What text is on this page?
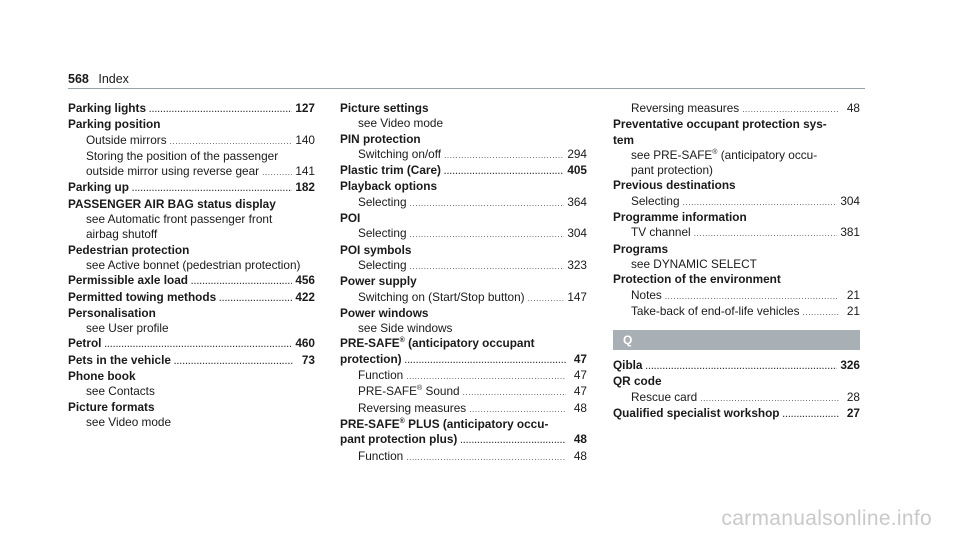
568 Index
Parking lights . . .	127
Parking position
Outside mirrors . . .	140
Storing the position of the passenger
outside mirror using reverse gear . . .	141
Parking up . . .	182
PASSENGER AIR BAG status display
see Automatic front passenger front
airbag shutoff
Pedestrian protection
see Active bonnet (pedestrian protection)
Permissible axle load . . .	456
Permitted towing methods . . .	422
Personalisation
see User profile
Petrol . . .	460
Pets in the vehicle . . .	73
Phone book
see Contacts
Picture formats
see Video mode
Picture settings
see Video mode
PIN protection
Switching on/off . . .	294
Plastic trim (Care) . . .	405
Playback options
Selecting . . .	364
POI
Selecting . . .	304
POI symbols
Selecting . . .	323
Power supply
Switching on (Start/Stop button) . . .	147
Power windows
see Side windows
PRE-SAFE® (anticipatory occupant
protection) . . .	47
Function . . .	47
PRE-SAFE® Sound . . .	47
Reversing measures . . .	48
PRE-SAFE® PLUS (anticipatory occu-
pant protection plus) . . .	48
Function . . .	48
Reversing measures . . .	48
Preventative occupant protection sys-
tem
see PRE-SAFE® (anticipatory occu-
pant protection)
Previous destinations
Selecting . . .	304
Programme information
TV channel . . .	381
Programs
see DYNAMIC SELECT
Protection of the environment
Notes . . .	21
Take-back of end-of-life vehicles . . .	21
Q
Qibla . . .	326
QR code
Rescue card . . .	28
Qualified specialist workshop . . .	27
carmanualsonline.info
